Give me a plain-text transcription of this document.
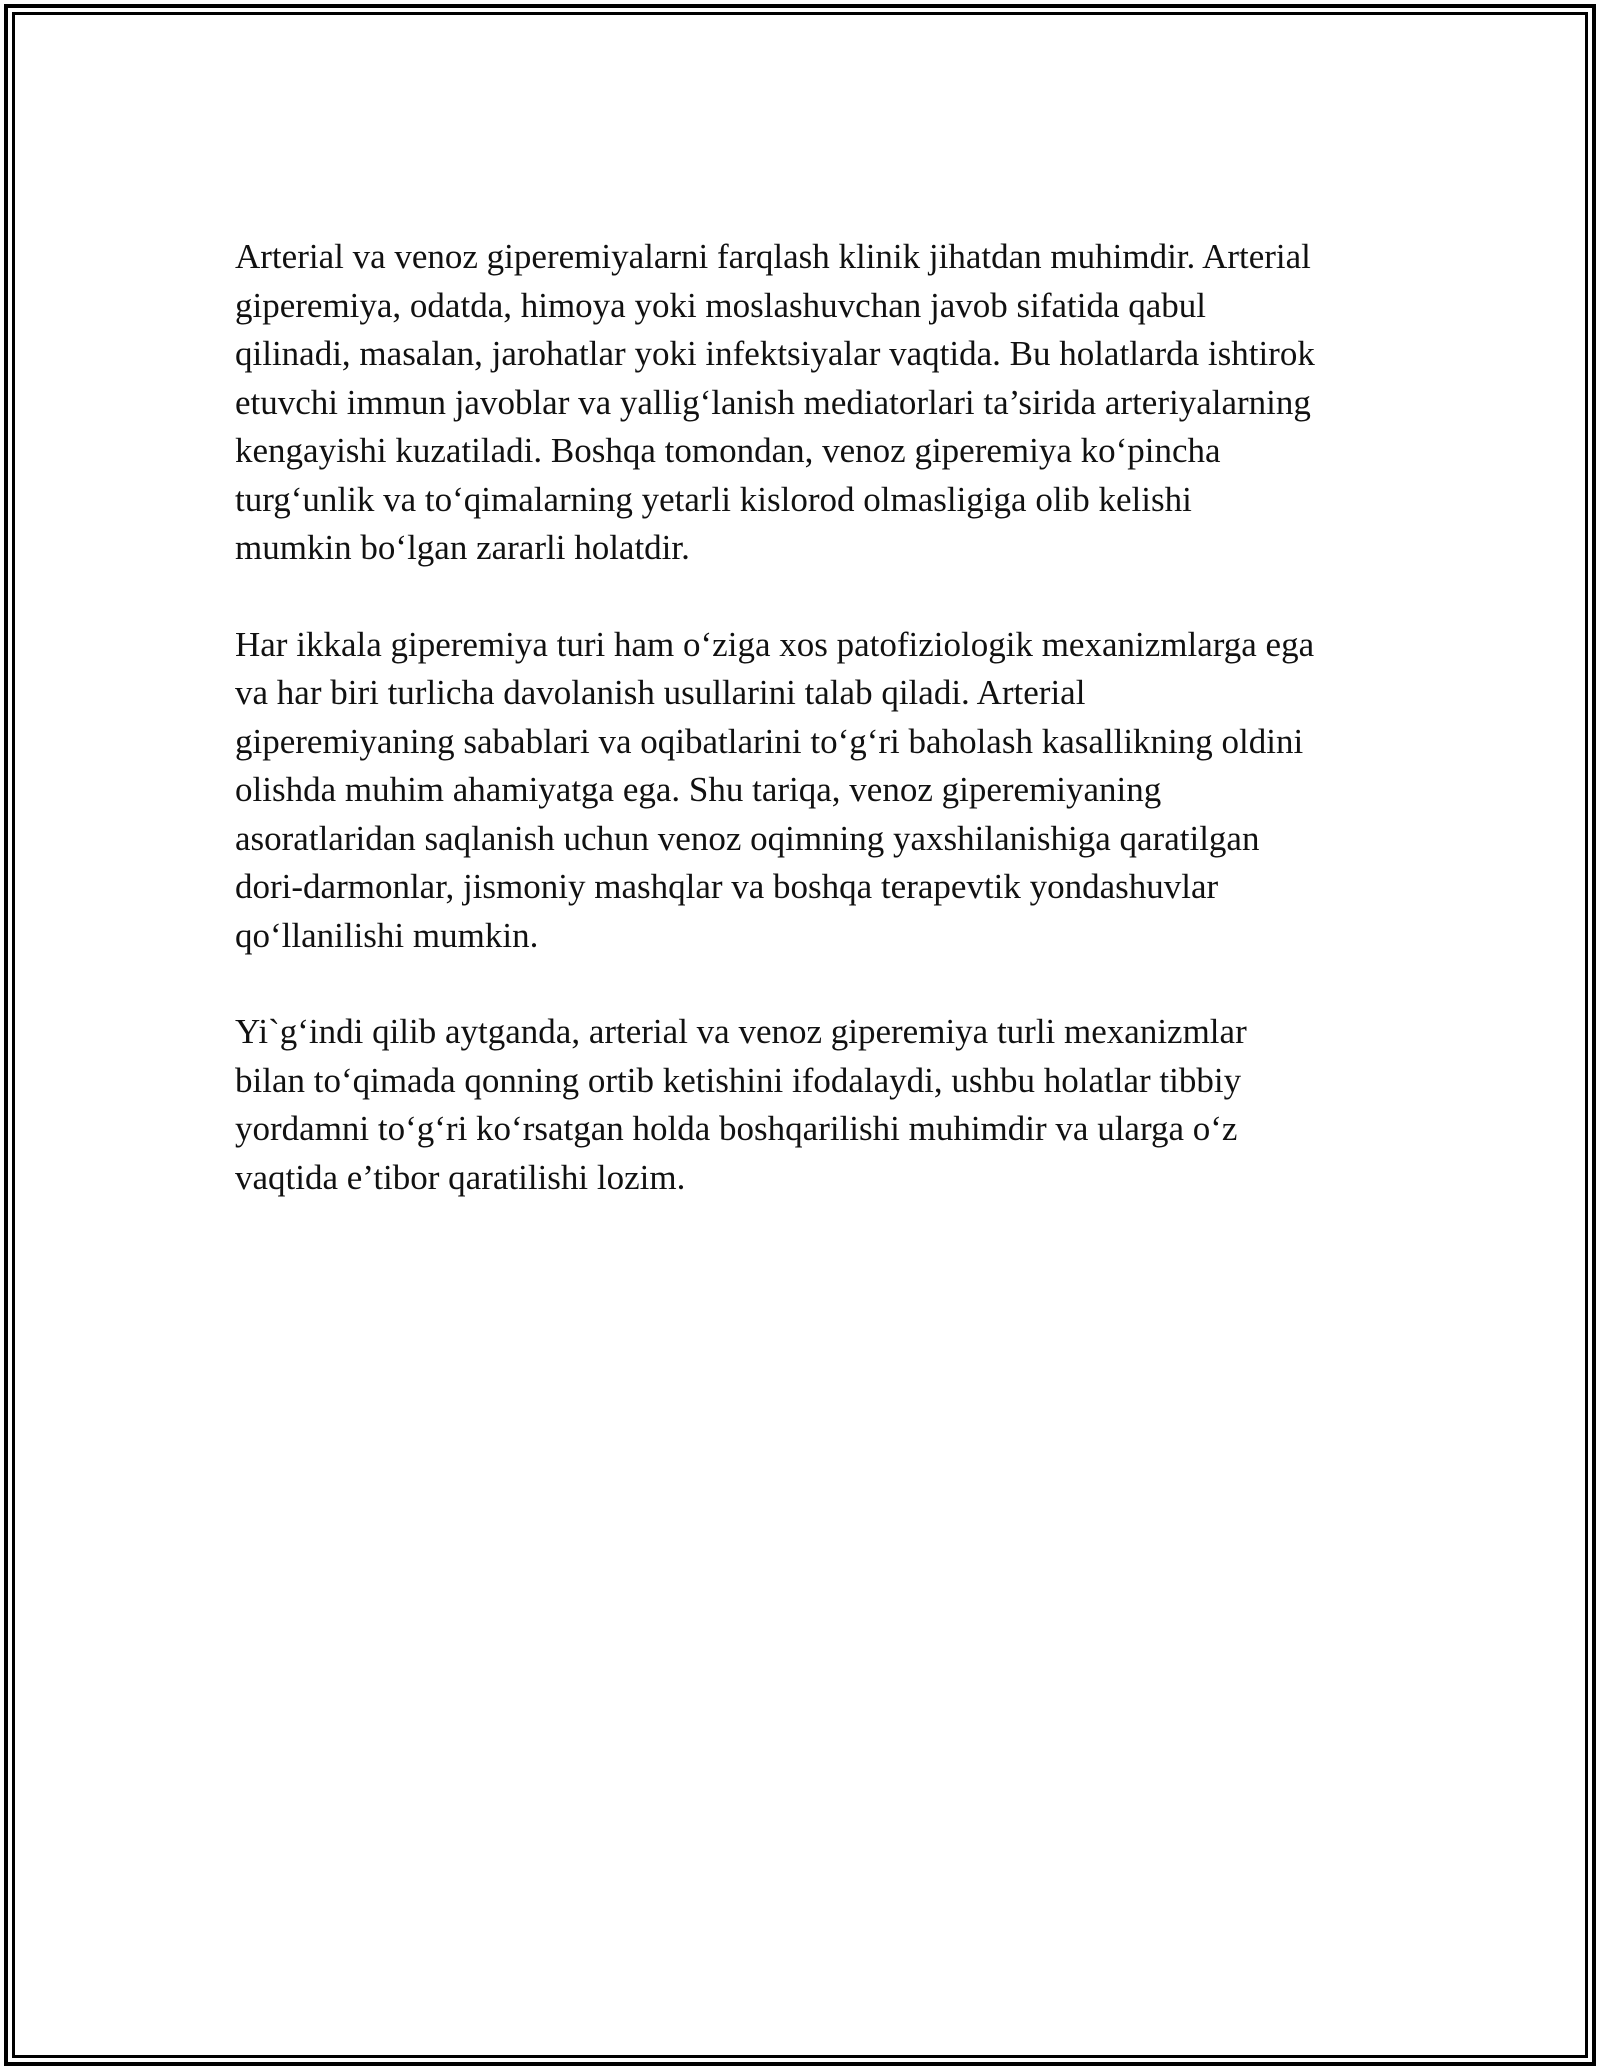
Arterial va venoz giperemiyalarni farqlash klinik jihatdan muhimdir. Arterial
giperemiya, odatda, himoya yoki moslashuvchan javob sifatida qabul
qilinadi, masalan, jarohatlar yoki infektsiyalar vaqtida. Bu holatlarda ishtirok
etuvchi immun javoblar va yallig‘lanish mediatorlari ta’sirida arteriyalarning
kengayishi kuzatiladi. Boshqa tomondan, venoz giperemiya ko‘pincha
turg‘unlik va to‘qimalarning yetarli kislorod olmasligiga olib kelishi
mumkin bo‘lgan zararli holatdir.

Har ikkala giperemiya turi ham o‘ziga xos patofiziologik mexanizmlarga ega
va har biri turlicha davolanish usullarini talab qiladi. Arterial
giperemiyaning sabablari va oqibatlarini to‘g‘ri baholash kasallikning oldini
olishda muhim ahamiyatga ega. Shu tariqa, venoz giperemiyaning
asoratlaridan saqlanish uchun venoz oqimning yaxshilanishiga qaratilgan
dori-darmonlar, jismoniy mashqlar va boshqa terapevtik yondashuvlar
qo‘llanilishi mumkin.

Yi`g‘indi qilib aytganda, arterial va venoz giperemiya turli mexanizmlar
bilan to‘qimada qonning ortib ketishini ifodalaydi, ushbu holatlar tibbiy
yordamni to‘g‘ri ko‘rsatgan holda boshqarilishi muhimdir va ularga o‘z
vaqtida e’tibor qaratilishi lozim.
